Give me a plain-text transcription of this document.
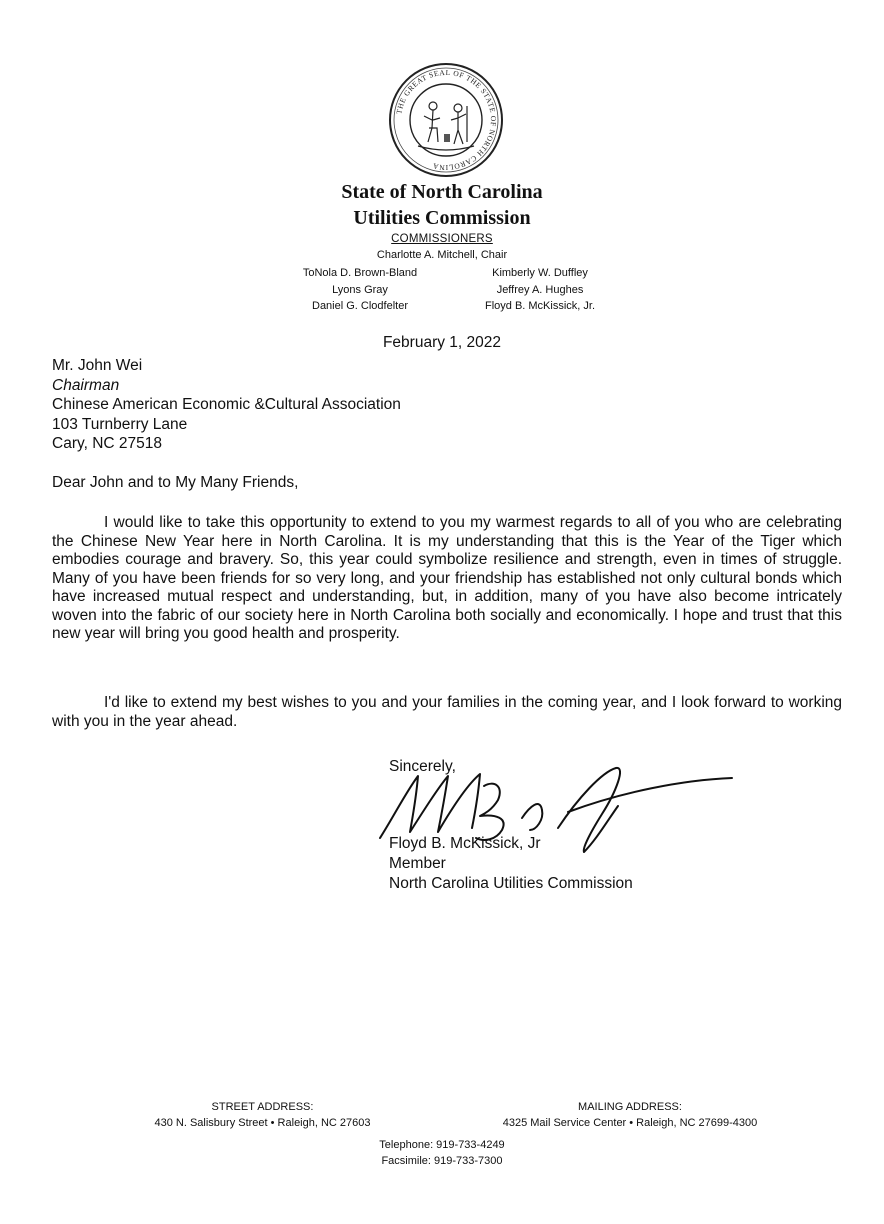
THE GREAT SEAL OF THE STATE OF NORTH CAROLINA
State of North Carolina
Utilities Commission
COMMISSIONERS
Charlotte A. Mitchell, Chair
ToNola D. Brown-Bland
Lyons Gray
Daniel G. Clodfelter
Kimberly W. Duffley
Jeffrey A. Hughes
Floyd B. McKissick, Jr.
February 1, 2022
Mr. John Wei
Chairman
Chinese American Economic &Cultural Association
103 Turnberry Lane
Cary, NC 27518
Dear John and to My Many Friends,

I would like to take this opportunity to extend to you my warmest regards to all of you who are celebrating the Chinese New Year here in North Carolina. It is my understanding that this is the Year of the Tiger which embodies courage and bravery. So, this year could symbolize resilience and strength, even in times of struggle. Many of you have been friends for so very long, and your friendship has established not only cultural bonds which have increased mutual respect and understanding, but, in addition, many of you have also become intricately woven into the fabric of our society here in North Carolina both socially and economically. I hope and trust that this new year will bring you good health and prosperity.

I'd like to extend my best wishes to you and your families in the coming year, and I look forward to working with you in the year ahead.

Sincerely,
Floyd B. McKissick, Jr
Member
North Carolina Utilities Commission
STREET ADDRESS:
430 N. Salisbury Street • Raleigh, NC 27603
MAILING ADDRESS:
4325 Mail Service Center • Raleigh, NC 27699-4300
Telephone: 919-733-4249
Facsimile: 919-733-7300
